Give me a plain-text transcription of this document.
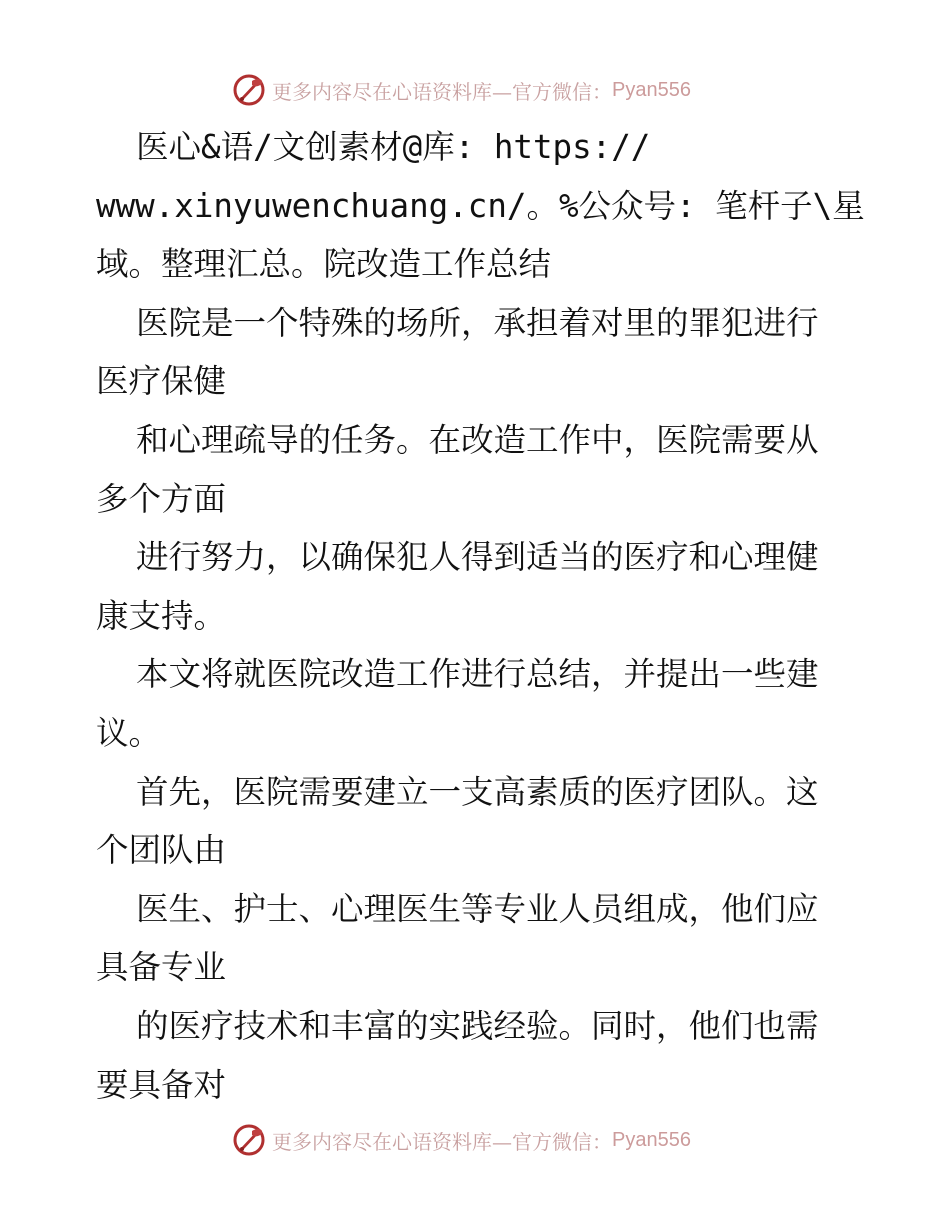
更多内容尽在心语资料库—官方微信： Pyan556
医心&语/文创素材@库: https://
www.xinyuwenchuang.cn/。%公众号: 笔杆子\星
域。整理汇总。院改造工作总结
医院是一个特殊的场所，承担着对里的罪犯进行
医疗保健
和心理疏导的任务。在改造工作中，医院需要从
多个方面
进行努力，以确保犯人得到适当的医疗和心理健
康支持。
本文将就医院改造工作进行总结，并提出一些建
议。
首先，医院需要建立一支高素质的医疗团队。这
个团队由
医生、护士、心理医生等专业人员组成，他们应
具备专业
的医疗技术和丰富的实践经验。同时，他们也需
要具备对
更多内容尽在心语资料库—官方微信： Pyan556
